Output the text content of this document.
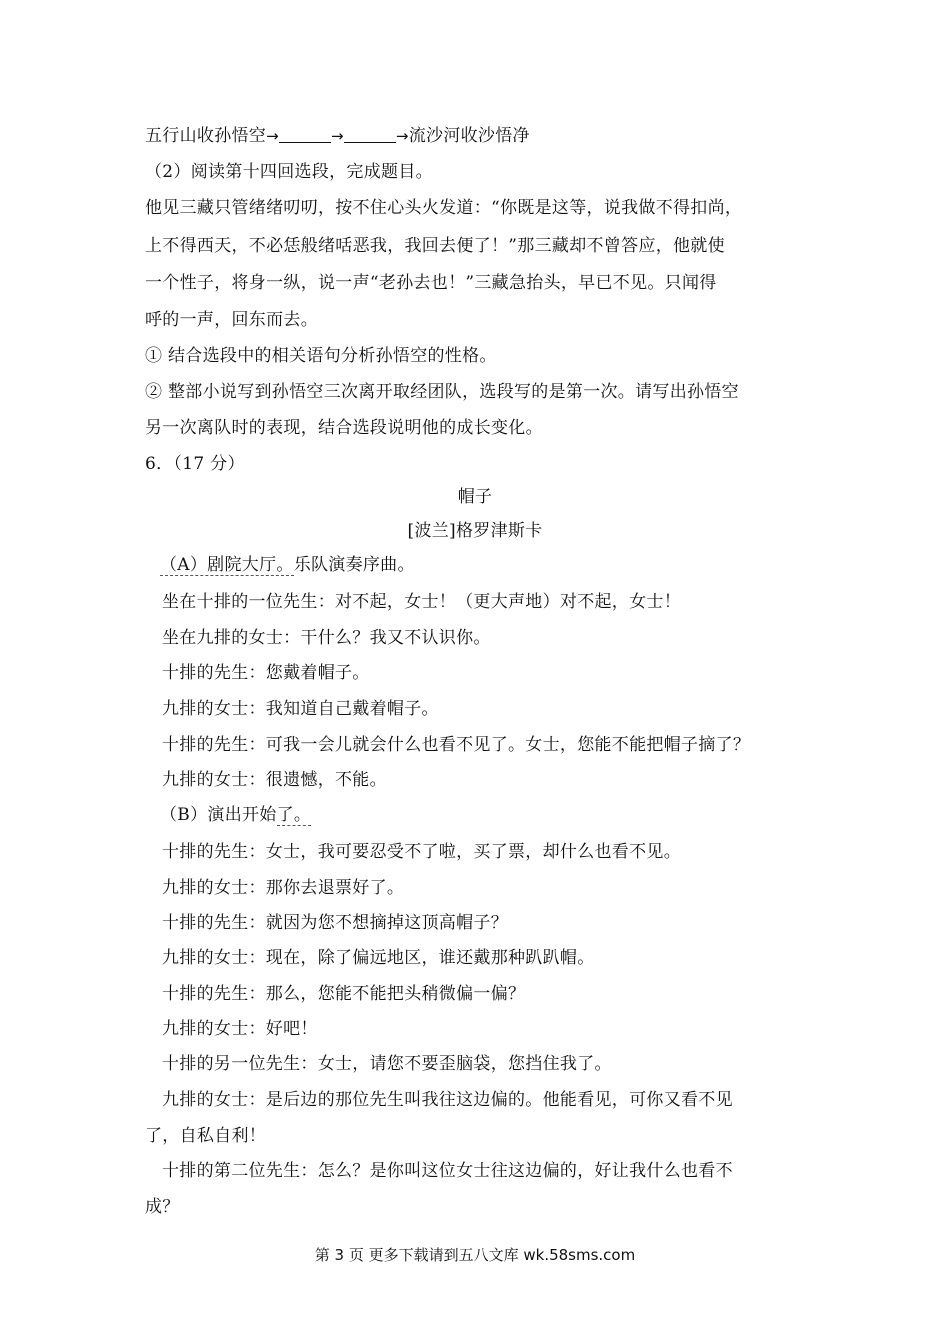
五行山收孙悟空→	→	→流沙河收沙悟净
（2）阅读第十四回选段，完成题目。
他见三藏只管绪绪叨叨，按不住心头火发道：“你既是这等，说我做不得扣尚，
上不得西天，不必恁般绪咶恶我，我回去便了！”那三藏却不曾答应，他就使
一个性子，将身一纵，说一声“老孙去也！”三藏急抬头，早已不见。只闻得
呼的一声，回东而去。
① 结合选段中的相关语句分析孙悟空的性格。
② 整部小说写到孙悟空三次离开取经团队，选段写的是第一次。请写出孙悟空
另一次离队时的表现，结合选段说明他的成长变化。
6．（17 分）
帽子
[波兰]格罗津斯卡
（A）剧院大厅。乐队演奏序曲。
坐在十排的一位先生：对不起，女士！（更大声地）对不起，女士！
坐在九排的女士：干什么？我又不认识你。
十排的先生：您戴着帽子。
九排的女士：我知道自己戴着帽子。
十排的先生：可我一会儿就会什么也看不见了。女士，您能不能把帽子摘了？
九排的女士：很遗憾，不能。
（B）演出开始了。
十排的先生：女士，我可要忍受不了啦，买了票，却什么也看不见。
九排的女士：那你去退票好了。
十排的先生：就因为您不想摘掉这顶高帽子？
九排的女士：现在，除了偏远地区，谁还戴那种趴趴帽。
十排的先生：那么，您能不能把头稍微偏一偏？
九排的女士：好吧！
十排的另一位先生：女士，请您不要歪脑袋，您挡住我了。
九排的女士：是后边的那位先生叫我往这边偏的。他能看见，可你又看不见
了，自私自利！
十排的第二位先生：怎么？是你叫这位女士往这边偏的，好让我什么也看不
成？
第 3 页 更多下载请到五八文库 wk.58sms.com
